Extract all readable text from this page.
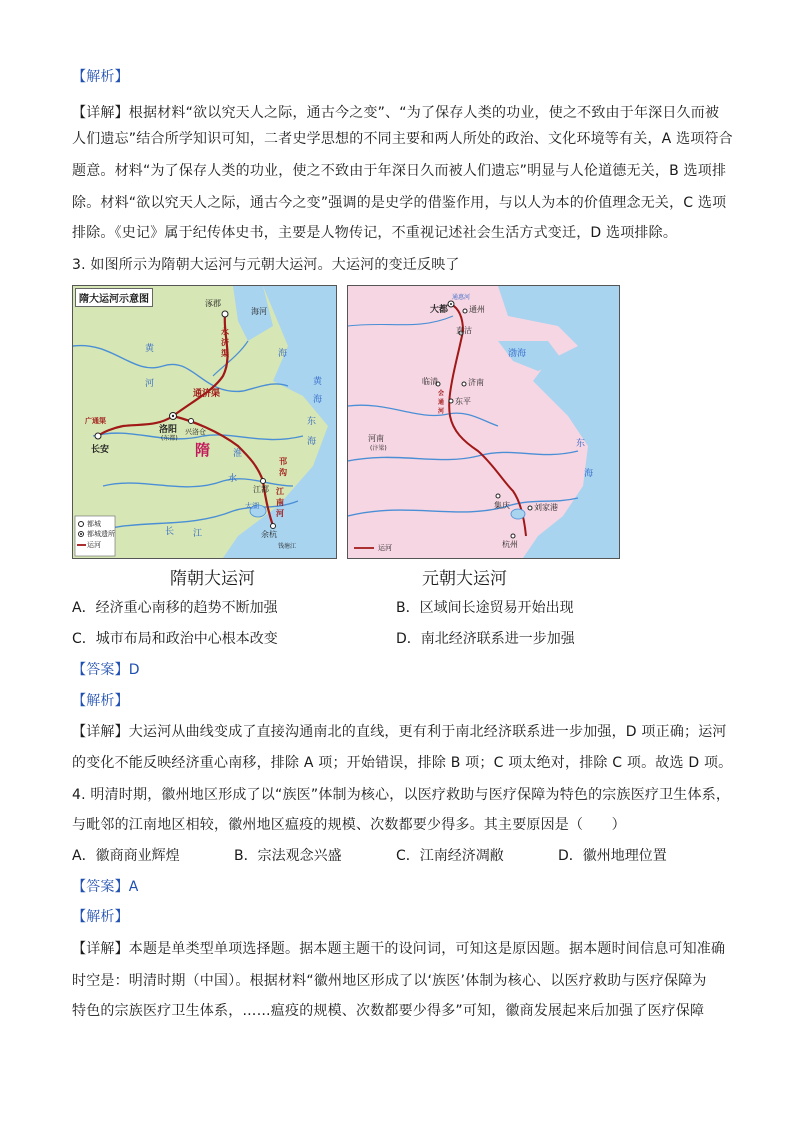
【解析】
【详解】根据材料“欲以究天人之际，通古今之变”、“为了保存人类的功业，使之不致由于年深日久而被
人们遗忘”结合所学知识可知，二者史学思想的不同主要和两人所处的政治、文化环境等有关，A 选项符合
题意。材料“为了保存人类的功业，使之不致由于年深日久而被人们遗忘”明显与人伦道德无关，B 选项排
除。材料“欲以究天人之际，通古今之变”强调的是史学的借鉴作用，与以人为本的价值理念无关，C 选项
排除。《史记》属于纪传体史书，主要是人物传记，不重视记述社会生活方式变迁，D 选项排除。
3. 如图所示为隋朝大运河与元朝大运河。大运河的变迁反映了
隋大运河示意图	涿郡
海河
永济渠
黄
河
广通渠
洛阳
(东都)
兴洛仓
长安
通济渠
隋
邗沟
江都 江南河
太湖
余杭
钱塘江
黄
海
东
海
海
淮
水
长 江
都城
都城遗所
运河
大都	通州
通惠河
直沽
渤海
临清	济南
东平
会通河
河南
(汴梁)
集庆	刘家港
杭州
东
海
运河
隋朝大运河	元朝大运河
A．经济重心南移的趋势不断加强	B．区域间长途贸易开始出现
C．城市布局和政治中心根本改变	D．南北经济联系进一步加强
【答案】D
【解析】
【详解】大运河从曲线变成了直接沟通南北的直线，更有利于南北经济联系进一步加强，D 项正确；运河
的变化不能反映经济重心南移，排除 A 项；开始错误，排除 B 项；C 项太绝对，排除 C 项。故选 D 项。
4. 明清时期，徽州地区形成了以“族医”体制为核心，以医疗救助与医疗保障为特色的宗族医疗卫生体系，
与毗邻的江南地区相较，徽州地区瘟疫的规模、次数都要少得多。其主要原因是（　　）
A．徽商商业辉煌	B．宗法观念兴盛	C．江南经济凋敝	D．徽州地理位置
【答案】A
【解析】
【详解】本题是单类型单项选择题。据本题主题干的设问词，可知这是原因题。据本题时间信息可知准确
时空是：明清时期（中国）。根据材料“徽州地区形成了以‘族医’体制为核心、以医疗救助与医疗保障为
特色的宗族医疗卫生体系，……瘟疫的规模、次数都要少得多”可知，徽商发展起来后加强了医疗保障
